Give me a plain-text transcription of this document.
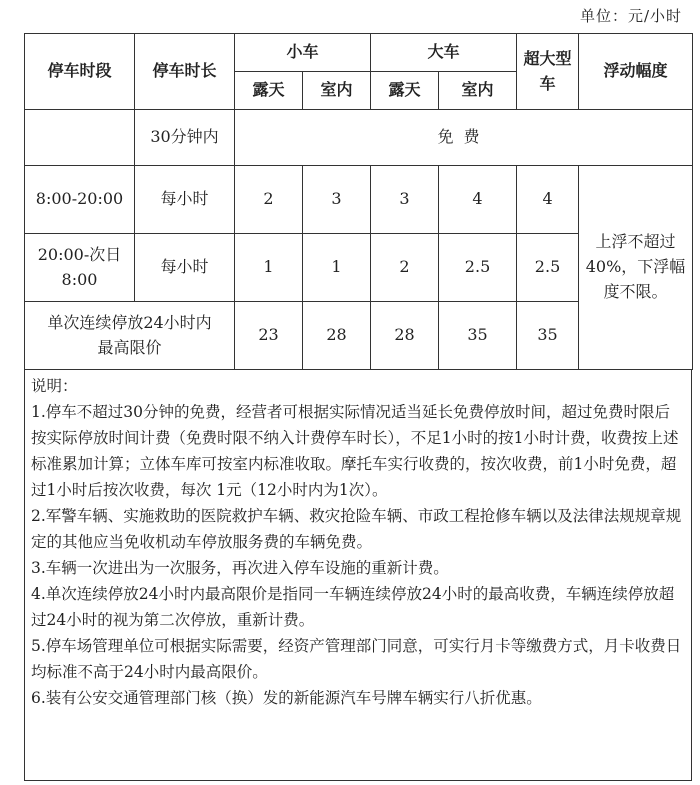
单位：元/小时
停车时段	停车时长	小车		大车		超大型车	浮动幅度
		露天	室内	露天	室内		
	30分钟内	免费					
8:00-20:00	每小时	2	3	3	4	4	上浮不超过40%，下浮幅度不限。
20:00-次日8:00	每小时	1	1	2	2.5	2.5	
单次连续停放24小时内最高限价		23	28	28	35	35	

说明：

1.停车不超过30分钟的免费，经营者可根据实际情况适当延长免费停放时间，超过免费时限后按实际停放时间计费（免费时限不纳入计费停车时长），不足1小时的按1小时计费，收费按上述标准累加计算；立体车库可按室内标准收取。摩托车实行收费的，按次收费，前1小时免费，超过1小时后按次收费，每次 1元（12小时内为1次）。

2.军警车辆、实施救助的医院救护车辆、救灾抢险车辆、市政工程抢修车辆以及法律法规规章规定的其他应当免收机动车停放服务费的车辆免费。

3.车辆一次进出为一次服务，再次进入停车设施的重新计费。

4.单次连续停放24小时内最高限价是指同一车辆连续停放24小时的最高收费，车辆连续停放超过24小时的视为第二次停放，重新计费。

5.停车场管理单位可根据实际需要，经资产管理部门同意，可实行月卡等缴费方式，月卡收费日均标准不高于24小时内最高限价。

6.装有公安交通管理部门核（换）发的新能源汽车号牌车辆实行八折优惠。
